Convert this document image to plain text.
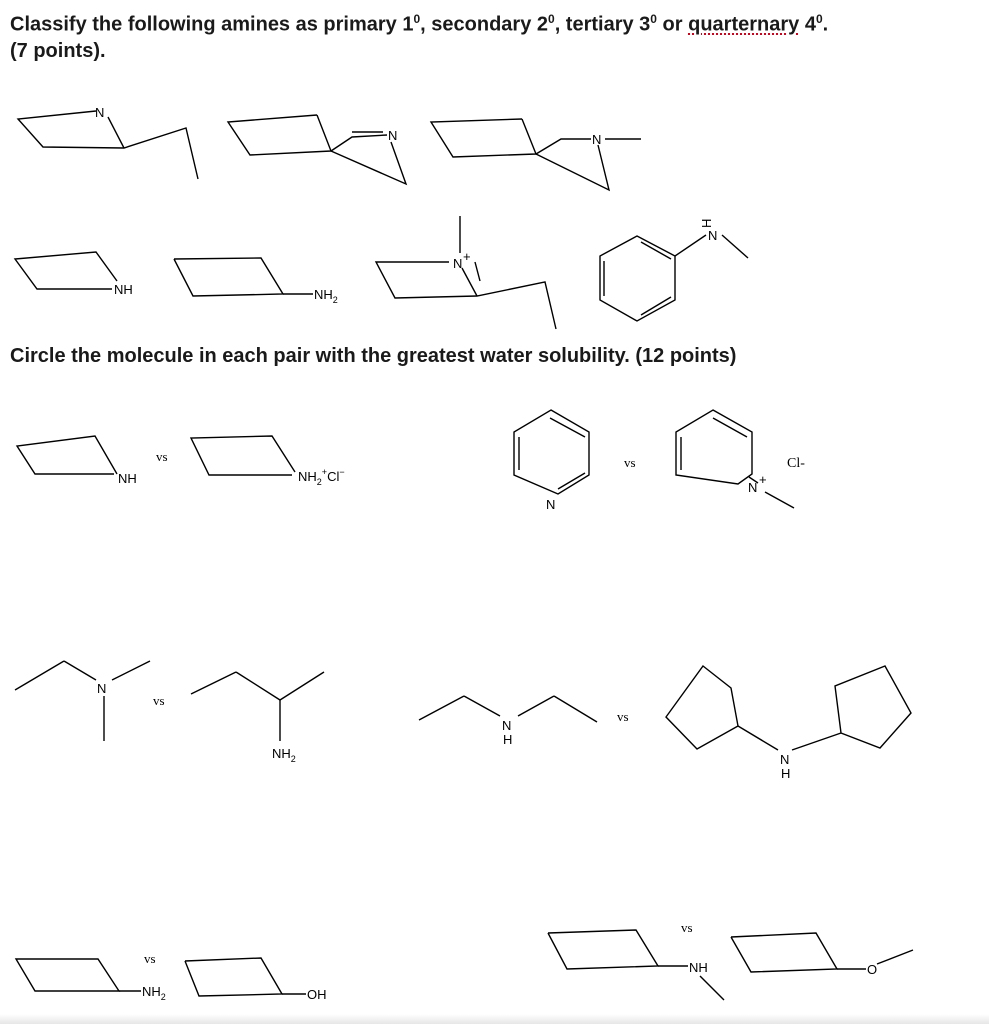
Classify the following amines as primary $1^0$, secondary $2^0$, tertiary $3^0$ or quarternary $4^0$.
(7 points).
Circle the molecule in each pair with the greatest water solubility. (12 points)
N
N	N
NH	$NH_2$
N +
N
H
NH
vs
$NH_2^+Cl^-$
N
vs
N
+
Cl-
N
vs
$NH_2$
N
H
vs
N
H
$NH_2$
vs
OH
vs
NH	O
